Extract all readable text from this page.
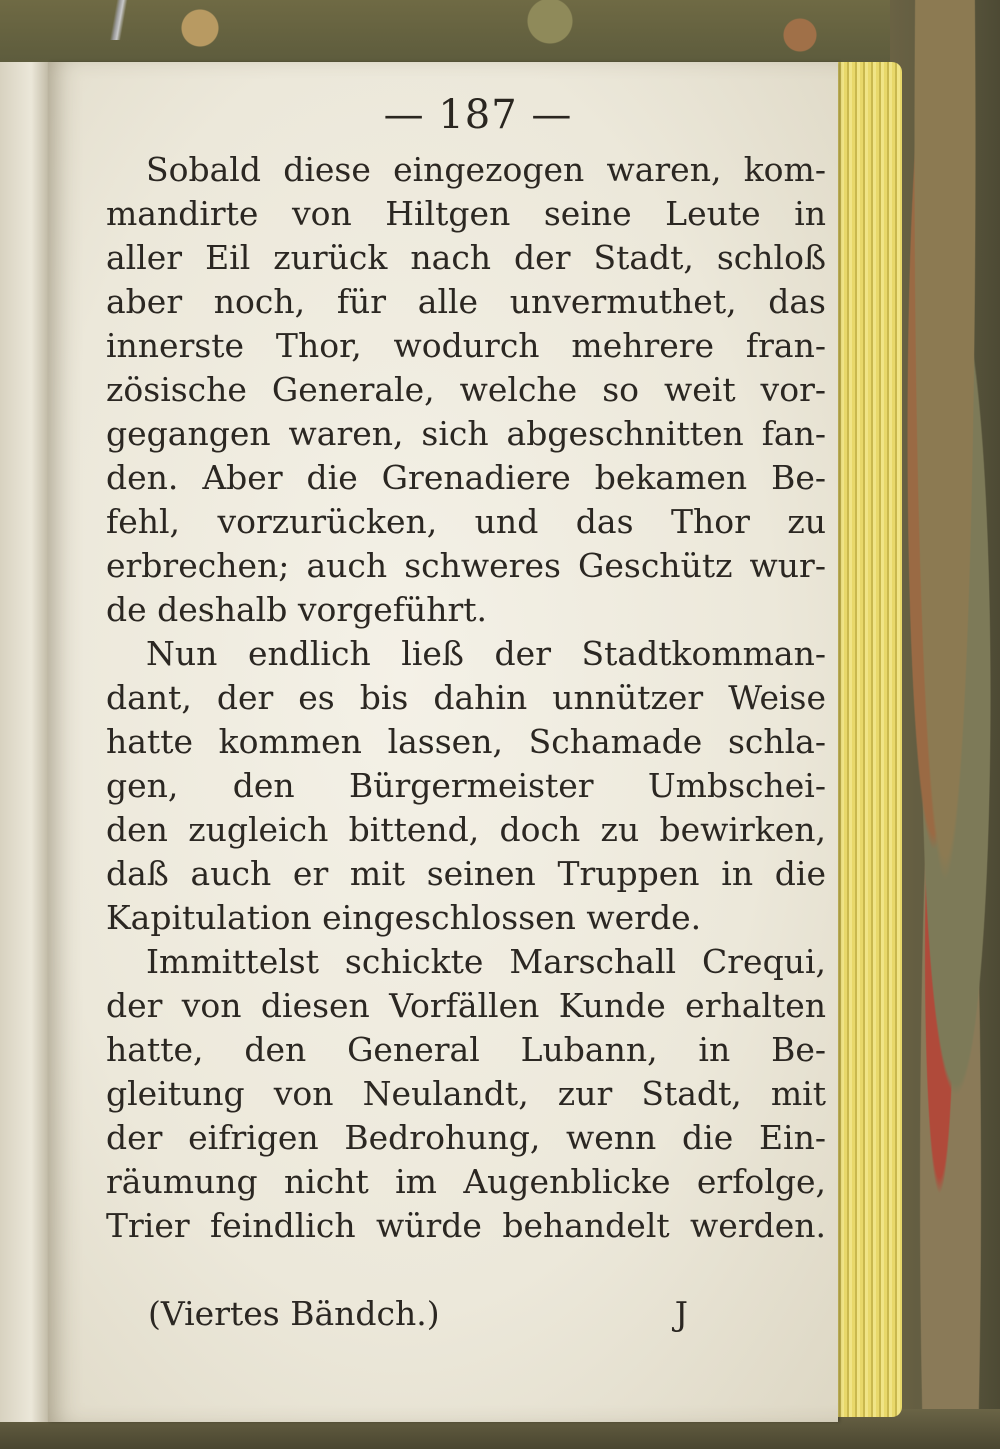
— 187 —
Sobald diese eingezogen waren, kom-
mandirte von Hiltgen seine Leute in
aller Eil zurück nach der Stadt, schloß
aber noch, für alle unvermuthet, das
innerste Thor, wodurch mehrere fran-
zösische Generale, welche so weit vor-
gegangen waren, sich abgeschnitten fan-
den. Aber die Grenadiere bekamen Be-
fehl, vorzurücken, und das Thor zu
erbrechen; auch schweres Geschütz wur-
de deshalb vorgeführt.
Nun endlich ließ der Stadtkomman-
dant, der es bis dahin unnützer Weise
hatte kommen lassen, Schamade schla-
gen, den Bürgermeister Umbschei-
den zugleich bittend, doch zu bewirken,
daß auch er mit seinen Truppen in die
Kapitulation eingeschlossen werde.
Immittelst schickte Marschall Crequi,
der von diesen Vorfällen Kunde erhalten
hatte, den General Lubann, in Be-
gleitung von Neulandt, zur Stadt, mit
der eifrigen Bedrohung, wenn die Ein-
räumung nicht im Augenblicke erfolge,
Trier feindlich würde behandelt werden.
(Viertes Bändch.)	J
